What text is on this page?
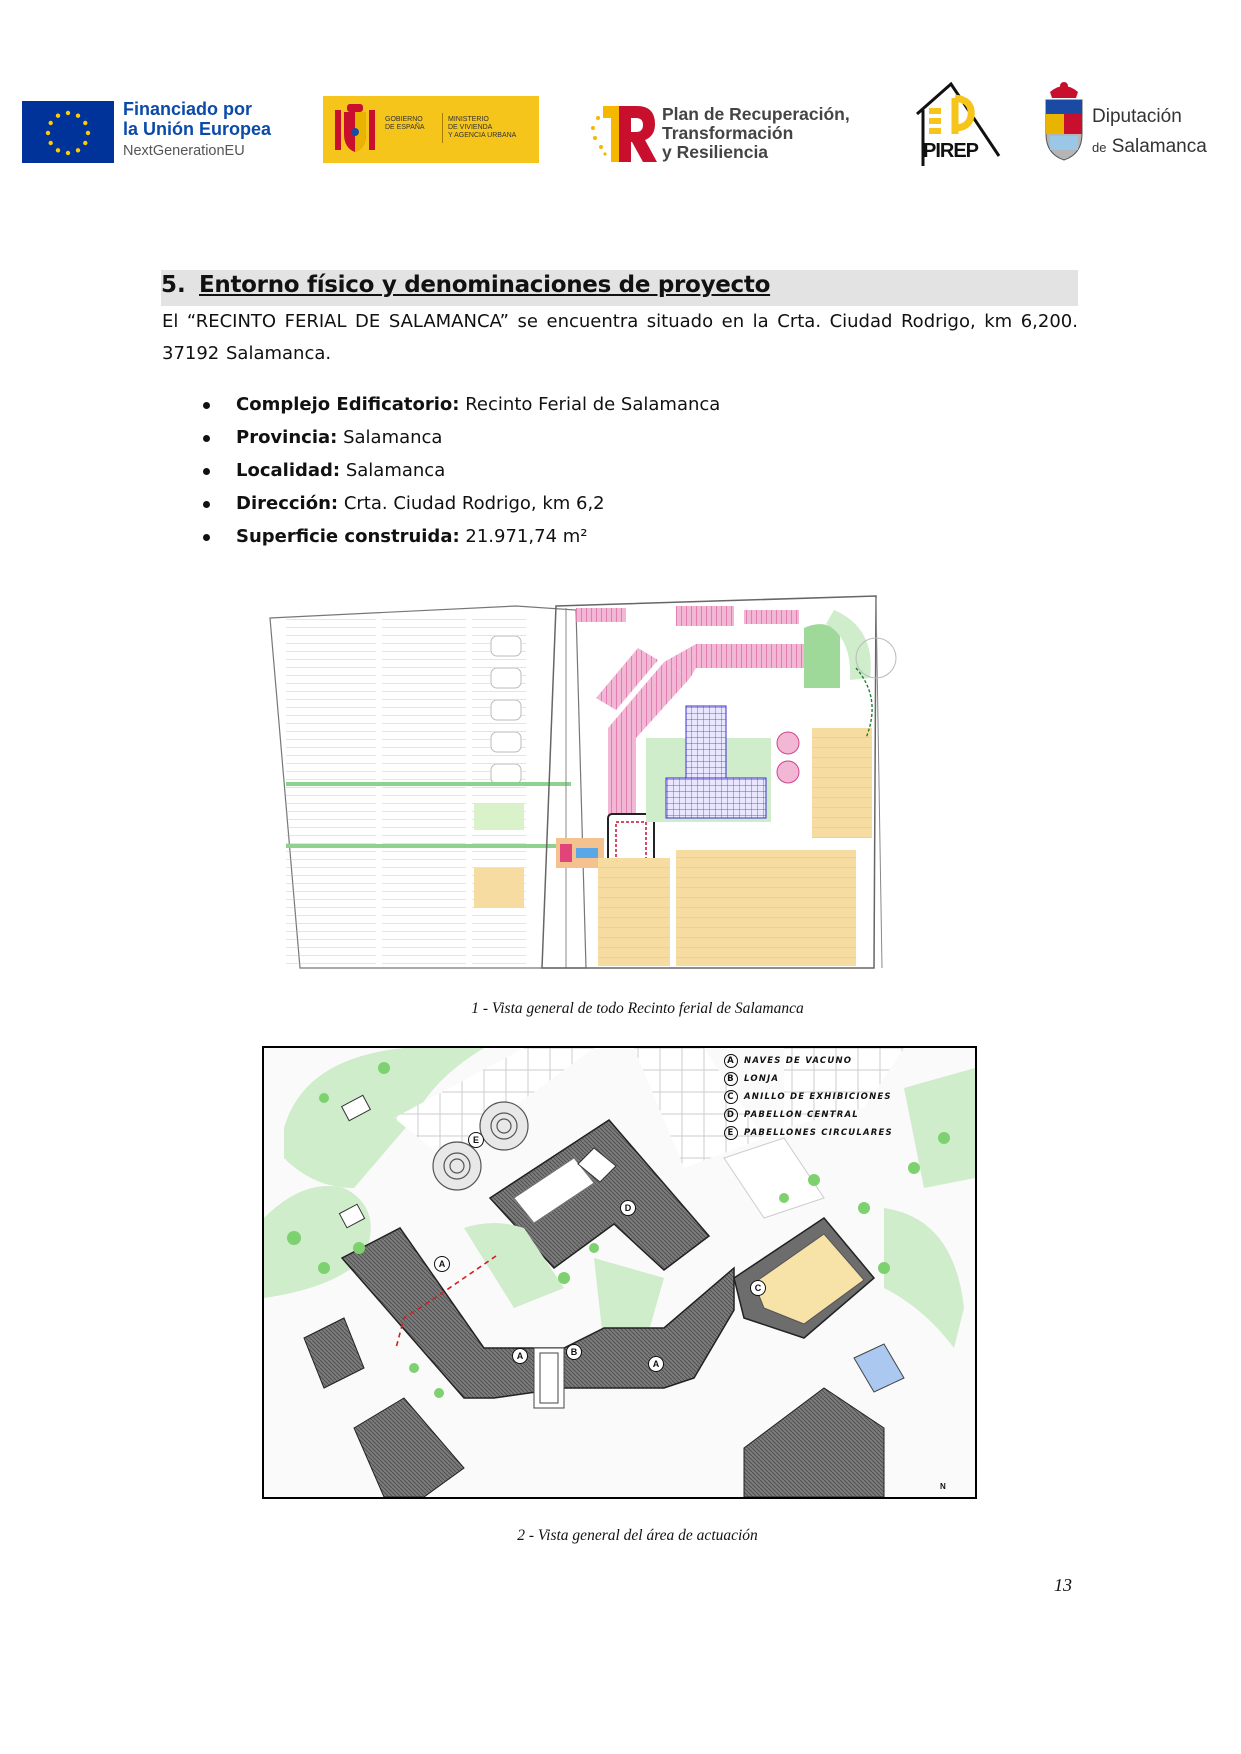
Financiado por
la Unión Europea
NextGenerationEU
GOBIERNO
DE ESPAÑA
MINISTERIO
DE VIVIENDA
Y AGENCIA URBANA
Plan de Recuperación,
Transformación
y Resiliencia	PIREP
Diputación
de Salamanca
5. Entorno físico y denominaciones de proyecto
El “RECINTO FERIAL DE SALAMANCA” se encuentra situado en la Crta. Ciudad Rodrigo, km 6,200. 37192 Salamanca.
Complejo Edificatorio: Recinto Ferial de Salamanca
Provincia: Salamanca
Localidad: Salamanca
Dirección: Crta. Ciudad Rodrigo, km 6,2
Superficie construida: 21.971,74 m²
1 - Vista general de todo Recinto ferial de Salamanca
A
A
A
B
C
D
E
A NAVES DE VACUNO
B LONJA
C ANILLO DE EXHIBICIONES
D PABELLON CENTRAL
E PABELLONES CIRCULARES
N
2 - Vista general del área de actuación
13
